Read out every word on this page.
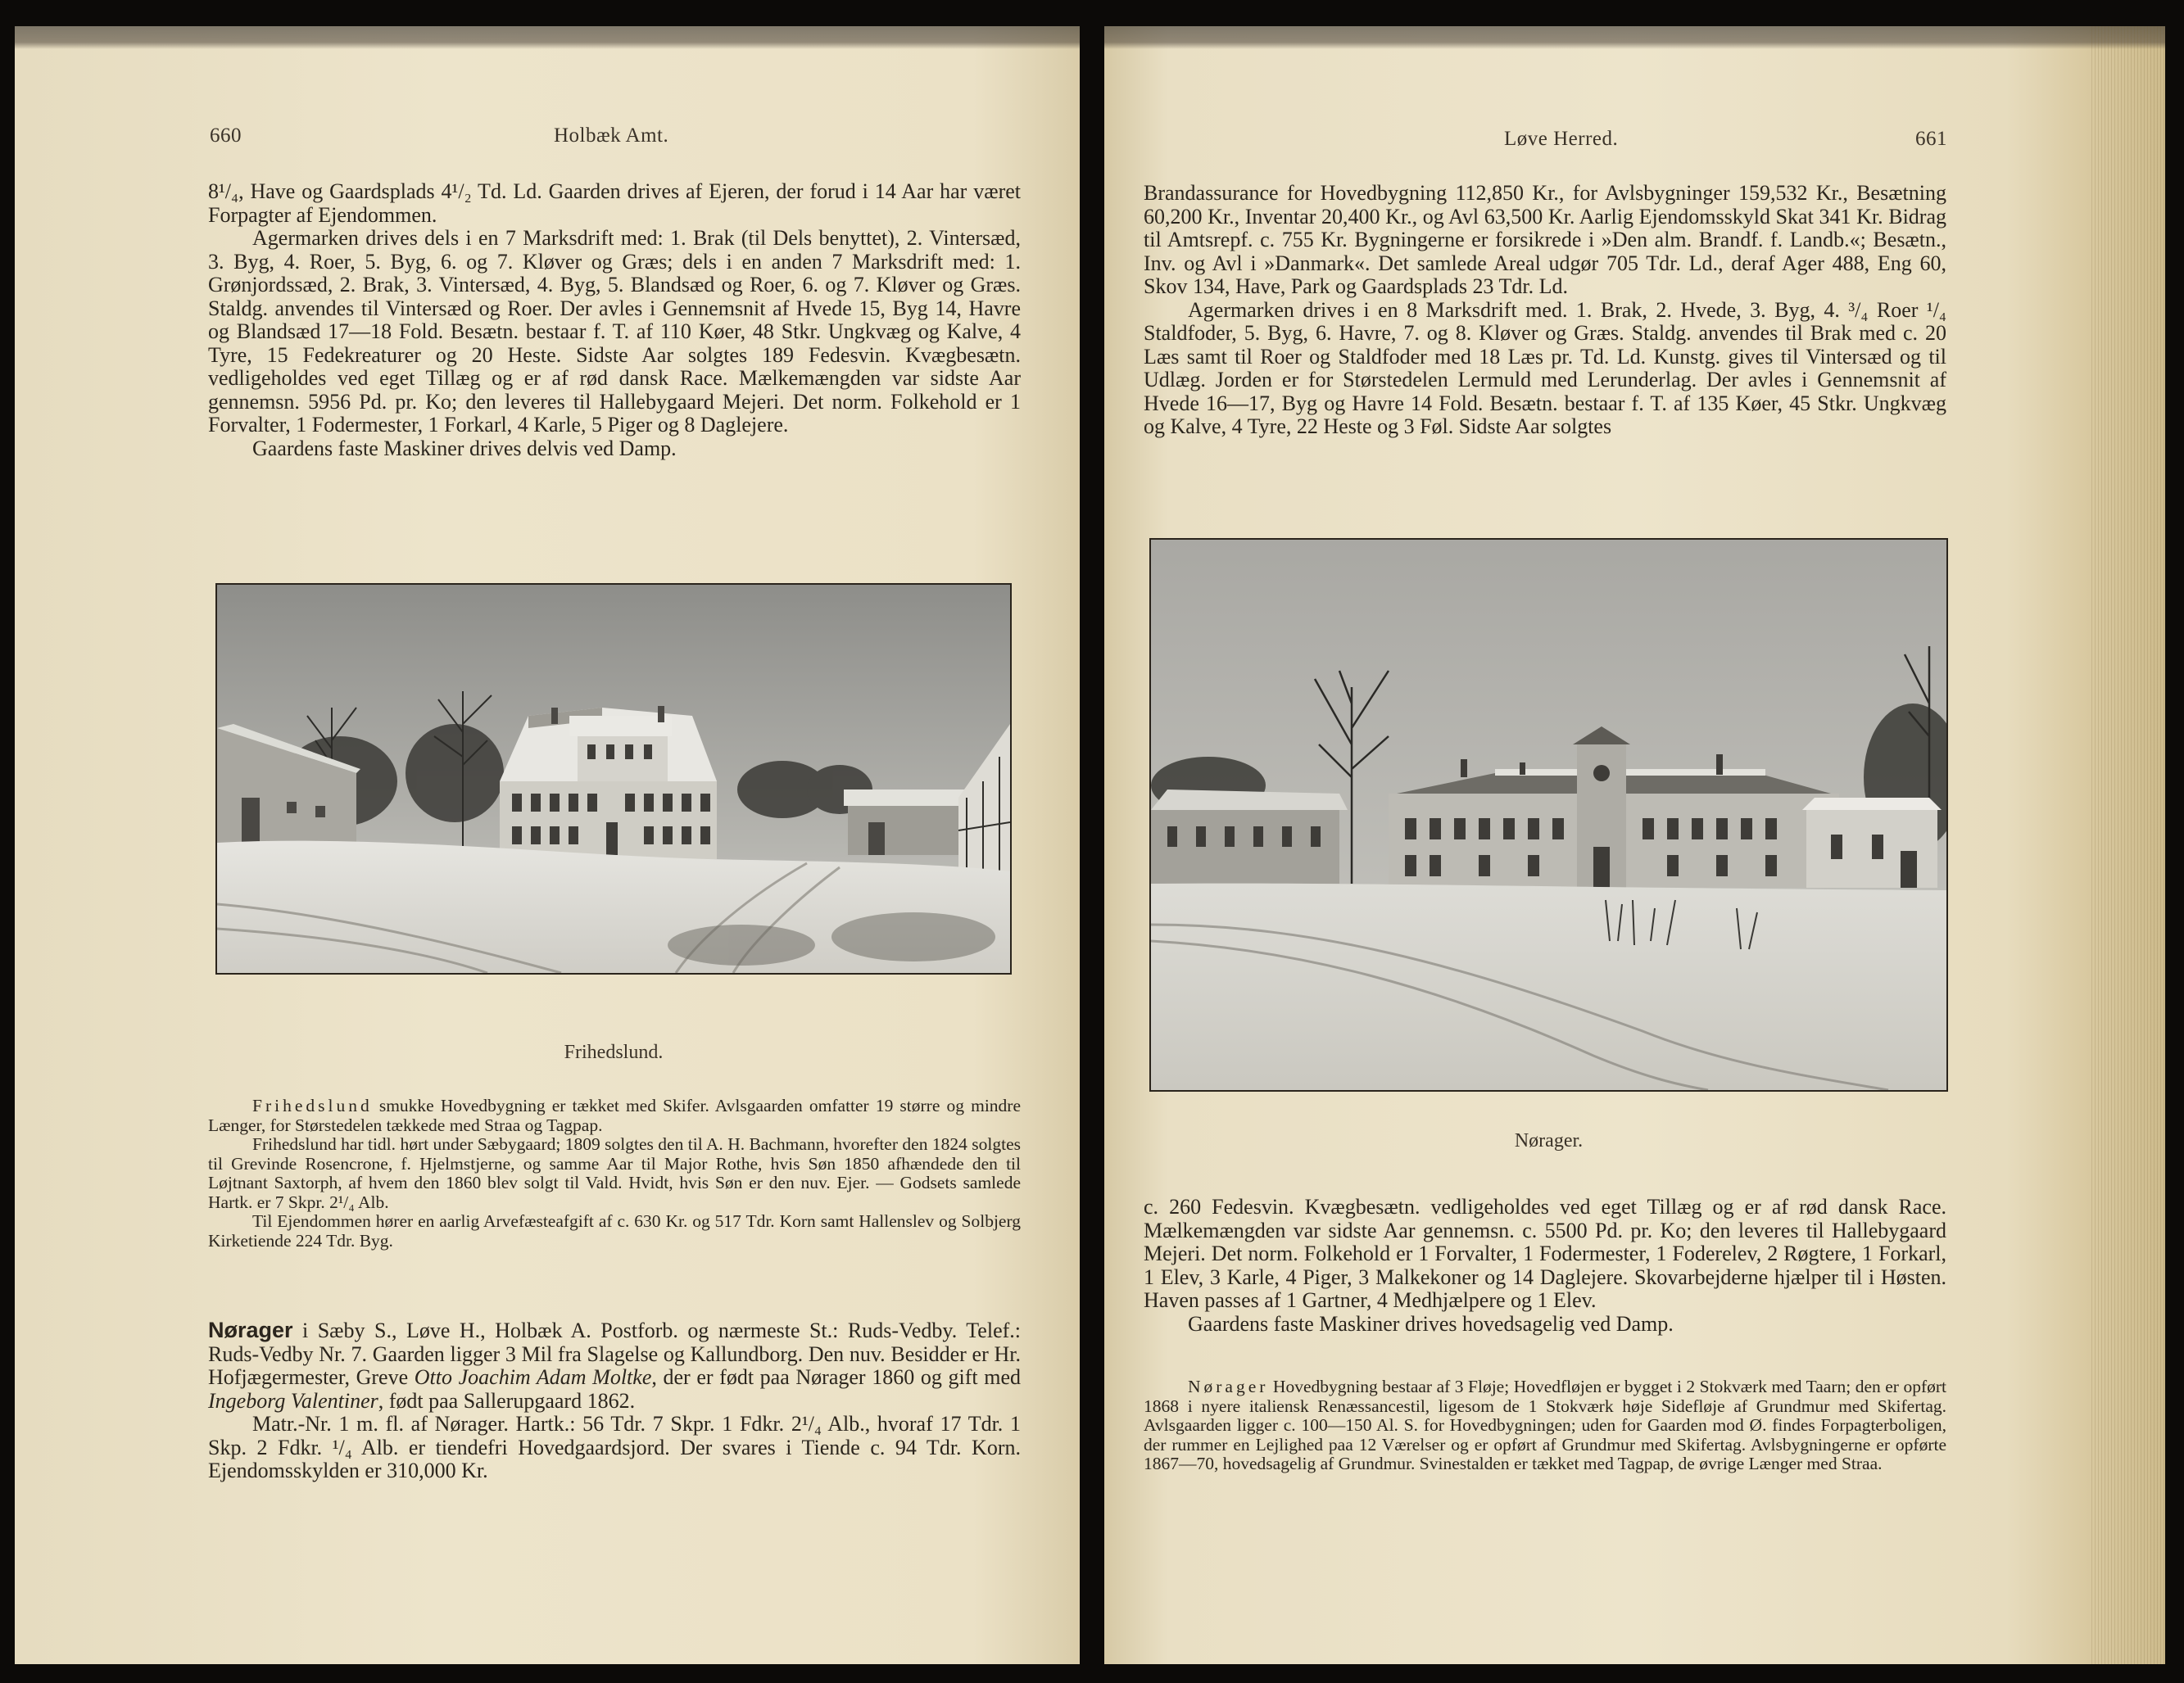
660	Holbæk Amt.

8¹/₄, Have og Gaardsplads 4¹/₂ Td. Ld. Gaarden drives af Ejeren, der forud i 14 Aar har været Forpagter af Ejendommen.

Agermarken drives dels i en 7 Marksdrift med: 1. Brak (til Dels benyttet), 2. Vintersæd, 3. Byg, 4. Roer, 5. Byg, 6. og 7. Kløver og Græs; dels i en anden 7 Marksdrift med: 1. Grønjordssæd, 2. Brak, 3. Vintersæd, 4. Byg, 5. Blandsæd og Roer, 6. og 7. Kløver og Græs. Staldg. anvendes til Vintersæd og Roer. Der avles i Gennemsnit af Hvede 15, Byg 14, Havre og Blandsæd 17—18 Fold. Besætn. bestaar f. T. af 110 Køer, 48 Stkr. Ungkvæg og Kalve, 4 Tyre, 15 Fedekreaturer og 20 Heste. Sidste Aar solgtes 189 Fedesvin. Kvægbesætn. vedligeholdes ved eget Tillæg og er af rød dansk Race. Mælkemængden var sidste Aar gennemsn. 5956 Pd. pr. Ko; den leveres til Hallebygaard Mejeri. Det norm. Folkehold er 1 Forvalter, 1 Fodermester, 1 Forkarl, 4 Karle, 5 Piger og 8 Daglejere.

Gaardens faste Maskiner drives delvis ved Damp.

Frihedslund.

Frihedslund smukke Hovedbygning er tækket med Skifer. Avlsgaarden omfatter 19 større og mindre Længer, for Størstedelen tækkede med Straa og Tagpap.

Frihedslund har tidl. hørt under Sæbygaard; 1809 solgtes den til A. H. Bachmann, hvorefter den 1824 solgtes til Grevinde Rosencrone, f. Hjelmstjerne, og samme Aar til Major Rothe, hvis Søn 1850 afhændede den til Løjtnant Saxtorph, af hvem den 1860 blev solgt til Vald. Hvidt, hvis Søn er den nuv. Ejer. — Godsets samlede Hartk. er 7 Skpr. 2¹/₄ Alb.

Til Ejendommen hører en aarlig Arvefæsteafgift af c. 630 Kr. og 517 Tdr. Korn samt Hallenslev og Solbjerg Kirketiende 224 Tdr. Byg.

Nørager i Sæby S., Løve H., Holbæk A. Postforb. og nærmeste St.: Ruds-Vedby. Telef.: Ruds-Vedby Nr. 7. Gaarden ligger 3 Mil fra Slagelse og Kallundborg. Den nuv. Besidder er Hr. Hofjægermester, Greve Otto Joachim Adam Moltke, der er født paa Nørager 1860 og gift med Ingeborg Valentiner, født paa Sallerupgaard 1862.

Matr.-Nr. 1 m. fl. af Nørager. Hartk.: 56 Tdr. 7 Skpr. 1 Fdkr. 2¹/₄ Alb., hvoraf 17 Tdr. 1 Skp. 2 Fdkr. ¹/₄ Alb. er tiendefri Hovedgaardsjord. Der svares i Tiende c. 94 Tdr. Korn. Ejendomsskylden er 310,000 Kr.

Løve Herred.	661

Brandassurance for Hovedbygning 112,850 Kr., for Avlsbygninger 159,532 Kr., Besætning 60,200 Kr., Inventar 20,400 Kr., og Avl 63,500 Kr. Aarlig Ejendomsskyld Skat 341 Kr. Bidrag til Amtsrepf. c. 755 Kr. Bygningerne er forsikrede i »Den alm. Brandf. f. Landb.«; Besætn., Inv. og Avl i »Danmark«. Det samlede Areal udgør 705 Tdr. Ld., deraf Ager 488, Eng 60, Skov 134, Have, Park og Gaardsplads 23 Tdr. Ld.

Agermarken drives i en 8 Marksdrift med. 1. Brak, 2. Hvede, 3. Byg, 4. ³/₄ Roer ¹/₄ Staldfoder, 5. Byg, 6. Havre, 7. og 8. Kløver og Græs. Staldg. anvendes til Brak med c. 20 Læs samt til Roer og Staldfoder med 18 Læs pr. Td. Ld. Kunstg. gives til Vintersæd og til Udlæg. Jorden er for Størstedelen Lermuld med Lerunderlag. Der avles i Gennemsnit af Hvede 16—17, Byg og Havre 14 Fold. Besætn. bestaar f. T. af 135 Køer, 45 Stkr. Ungkvæg og Kalve, 4 Tyre, 22 Heste og 3 Føl. Sidste Aar solgtes

Nørager.

c. 260 Fedesvin. Kvægbesætn. vedligeholdes ved eget Tillæg og er af rød dansk Race. Mælkemængden var sidste Aar gennemsn. c. 5500 Pd. pr. Ko; den leveres til Hallebygaard Mejeri. Det norm. Folkehold er 1 Forvalter, 1 Fodermester, 1 Foderelev, 2 Røgtere, 1 Forkarl, 1 Elev, 3 Karle, 4 Piger, 3 Malkekoner og 14 Daglejere. Skovarbejderne hjælper til i Høsten. Haven passes af 1 Gartner, 4 Medhjælpere og 1 Elev.

Gaardens faste Maskiner drives hovedsagelig ved Damp.

Nørager Hovedbygning bestaar af 3 Fløje; Hovedfløjen er bygget i 2 Stokværk med Taarn; den er opført 1868 i nyere italiensk Renæssancestil, ligesom de 1 Stokværk høje Sidefløje af Grundmur med Skifertag. Avlsgaarden ligger c. 100—150 Al. S. for Hovedbygningen; uden for Gaarden mod Ø. findes Forpagterboligen, der rummer en Lejlighed paa 12 Værelser og er opført af Grundmur med Skifertag. Avlsbygningerne er opførte 1867—70, hovedsagelig af Grundmur. Svinestalden er tækket med Tagpap, de øvrige Længer med Straa.
